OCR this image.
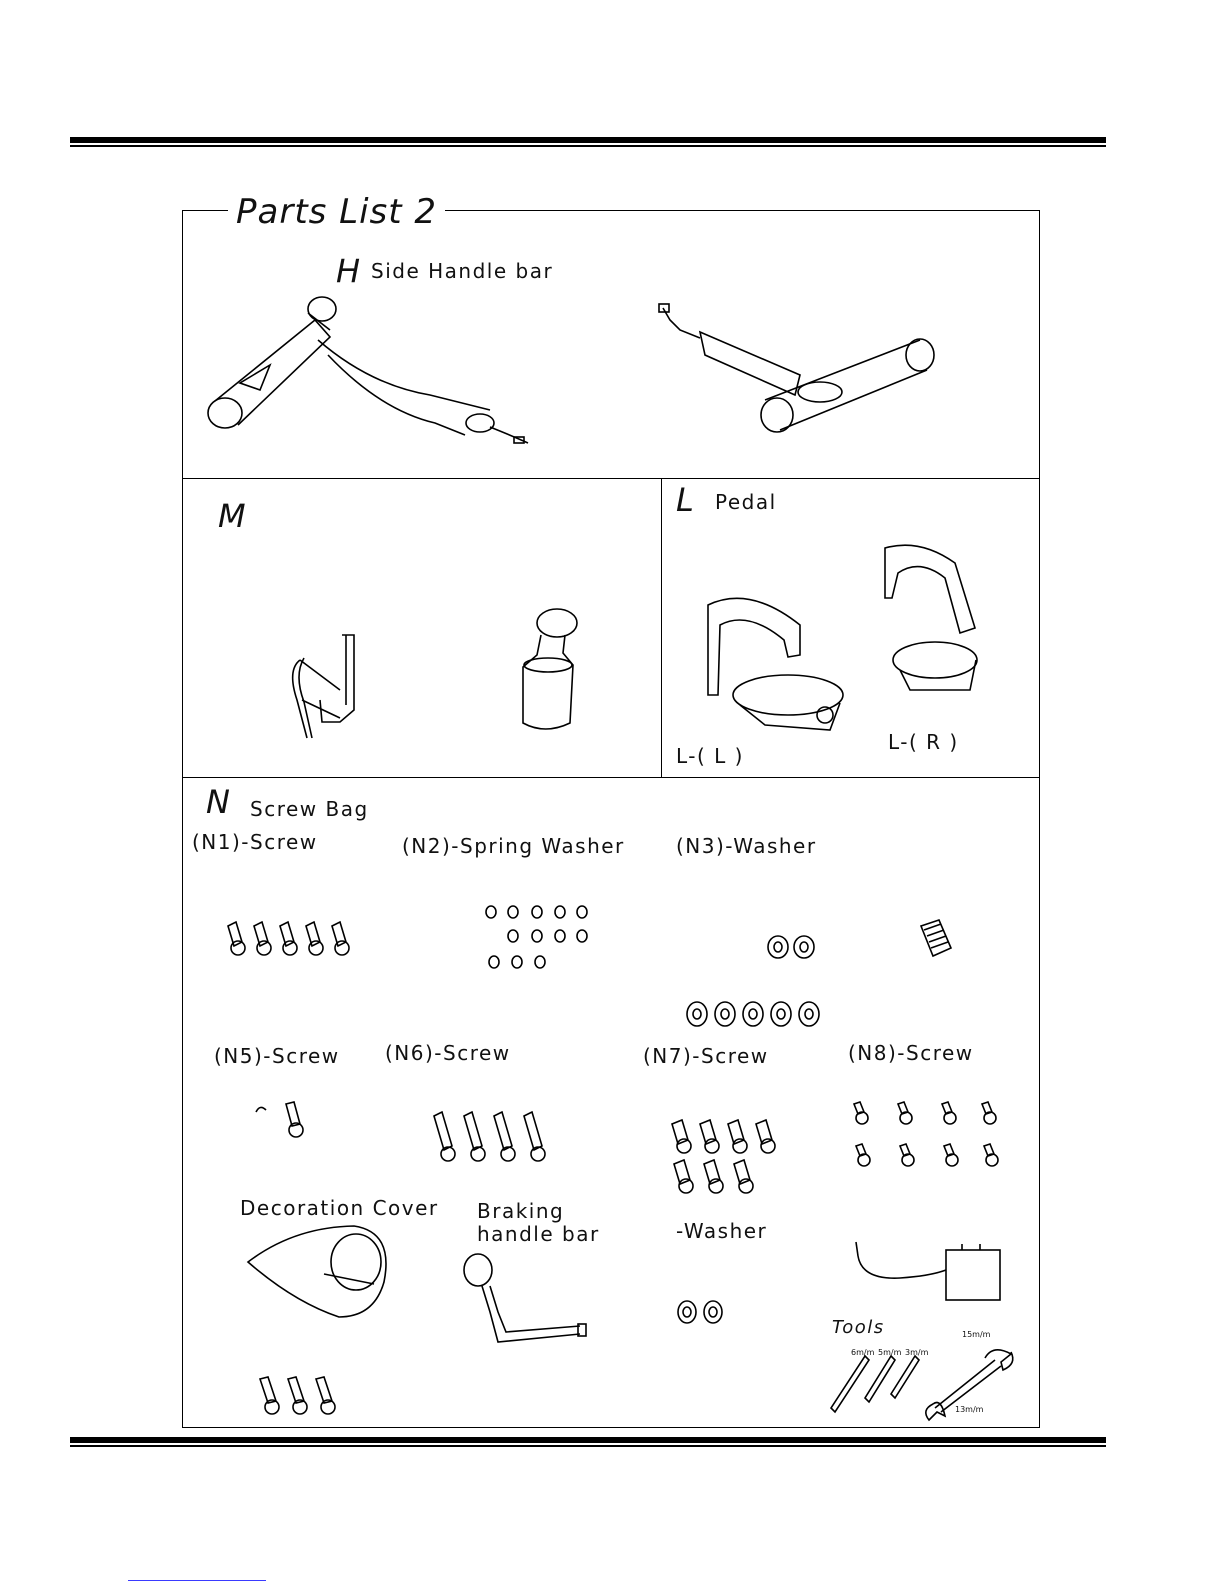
Parts List 2
H Side Handle bar
M	L Pedal
L-( L )
L-( R )
N Screw Bag
(N1)-Screw	(N2)-Spring Washer	(N3)-Washer
(N5)-Screw (N6)-Screw	(N7)-Screw	(N8)-Screw
Decoration Cover Braking
handle bar	-Washer
Tools
6m/m 5m/m 3m/m
15m/m
13m/m
